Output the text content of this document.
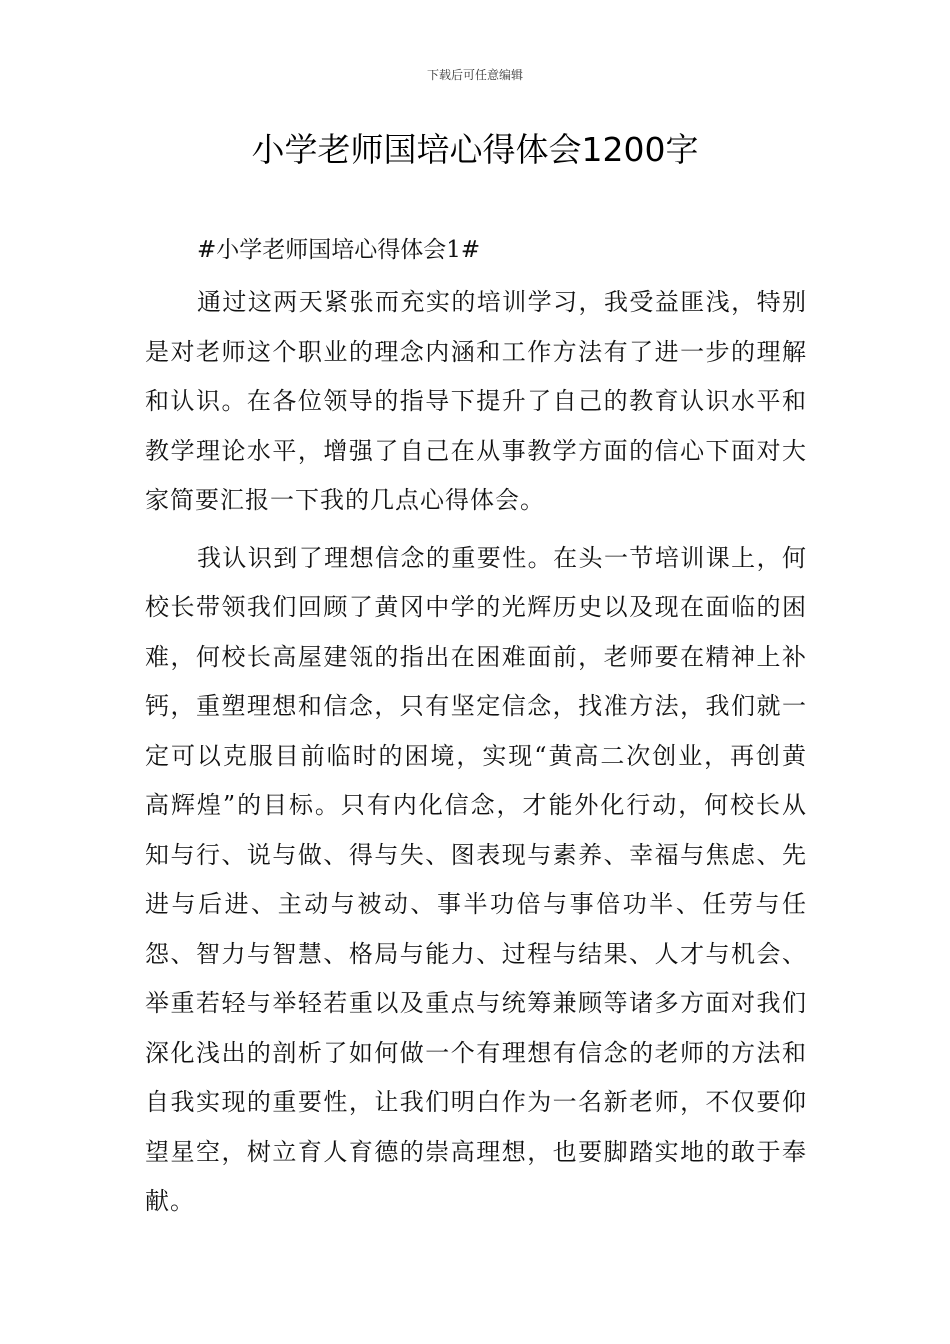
下载后可任意编辑
小学老师国培心得体会1200字

#小学老师国培心得体会1#

通过这两天紧张而充实的培训学习，我受益匪浅，特别是对老师这个职业的理念内涵和工作方法有了进一步的理解和认识。在各位领导的指导下提升了自己的教育认识水平和教学理论水平，增强了自己在从事教学方面的信心下面对大家简要汇报一下我的几点心得体会。

我认识到了理想信念的重要性。在头一节培训课上，何校长带领我们回顾了黄冈中学的光辉历史以及现在面临的困难，何校长高屋建瓴的指出在困难面前，老师要在精神上补钙，重塑理想和信念，只有坚定信念，找准方法，我们就一定可以克服目前临时的困境，实现“黄高二次创业，再创黄高辉煌”的目标。只有内化信念，才能外化行动，何校长从知与行、说与做、得与失、图表现与素养、幸福与焦虑、先进与后进、主动与被动、事半功倍与事倍功半、任劳与任怨、智力与智慧、格局与能力、过程与结果、人才与机会、举重若轻与举轻若重以及重点与统筹兼顾等诸多方面对我们深化浅出的剖析了如何做一个有理想有信念的老师的方法和自我实现的重要性，让我们明白作为一名新老师，不仅要仰望星空，树立育人育德的崇高理想，也要脚踏实地的敢于奉献。
